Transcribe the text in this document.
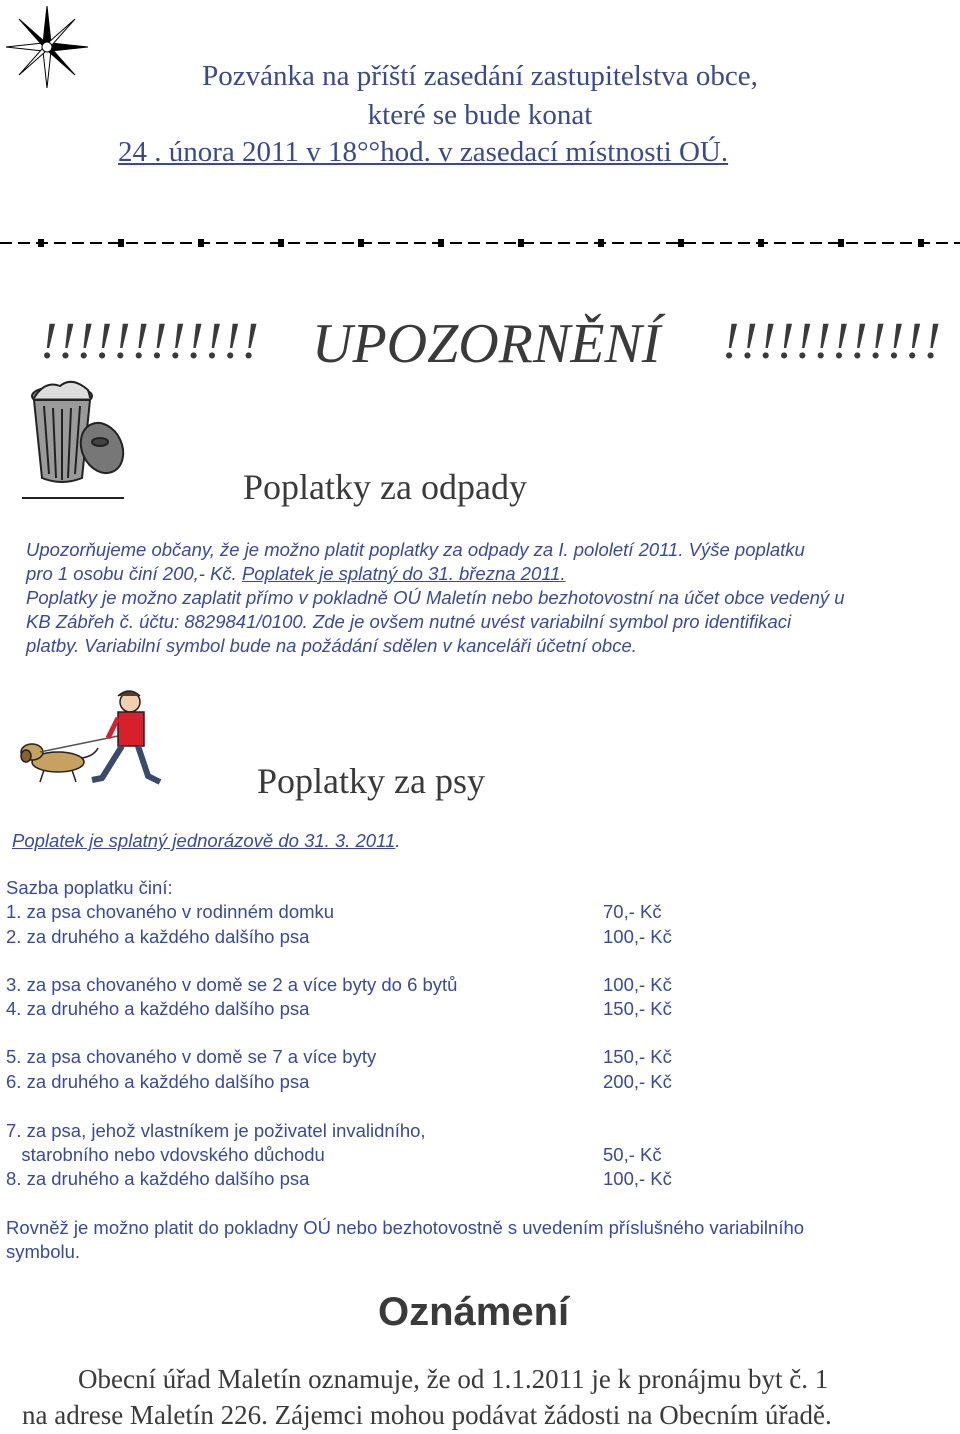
Pozvánka na příští zasedání zastupitelstva obce,
které se bude konat
24 . února 2011 v 18°°hod. v zasedací místnosti OÚ.
!!!!!!!!!!!! UPOZORNĚNÍ !!!!!!!!!!!!
Poplatky za odpady
Upozorňujeme občany, že je možno platit poplatky za odpady za I. pololetí 2011. Výše poplatku
pro 1 osobu činí 200,- Kč. Poplatek je splatný do 31. března 2011.
Poplatky je možno zaplatit přímo v pokladně OÚ Maletín nebo bezhotovostní na účet obce vedený u
KB Zábřeh č. účtu: 8829841/0100. Zde je ovšem nutné uvést variabilní symbol pro identifikaci
platby. Variabilní symbol bude na požádání sdělen v kanceláři účetní obce.
Poplatky za psy
Poplatek je splatný jednorázově do 31. 3. 2011.
Sazba poplatku činí:
1. za psa chovaného v rodinném domku	70,- Kč
2. za druhého a každého dalšího psa	100,- Kč
3. za psa chovaného v domě se 2 a více byty do 6 bytů	100,- Kč
4. za druhého a každého dalšího psa	150,- Kč
5. za psa chovaného v domě se 7 a více byty	150,- Kč
6. za druhého a každého dalšího psa	200,- Kč
7. za psa, jehož vlastníkem je poživatel invalidního,
starobního nebo vdovského důchodu	50,- Kč
8. za druhého a každého dalšího psa	100,- Kč
Rovněž je možno platit do pokladny OÚ nebo bezhotovostně s uvedením příslušného variabilního
symbolu.
Oznámení
Obecní úřad Maletín oznamuje, že od 1.1.2011 je k pronájmu byt č. 1
na adrese Maletín 226. Zájemci mohou podávat žádosti na Obecním úřadě.
